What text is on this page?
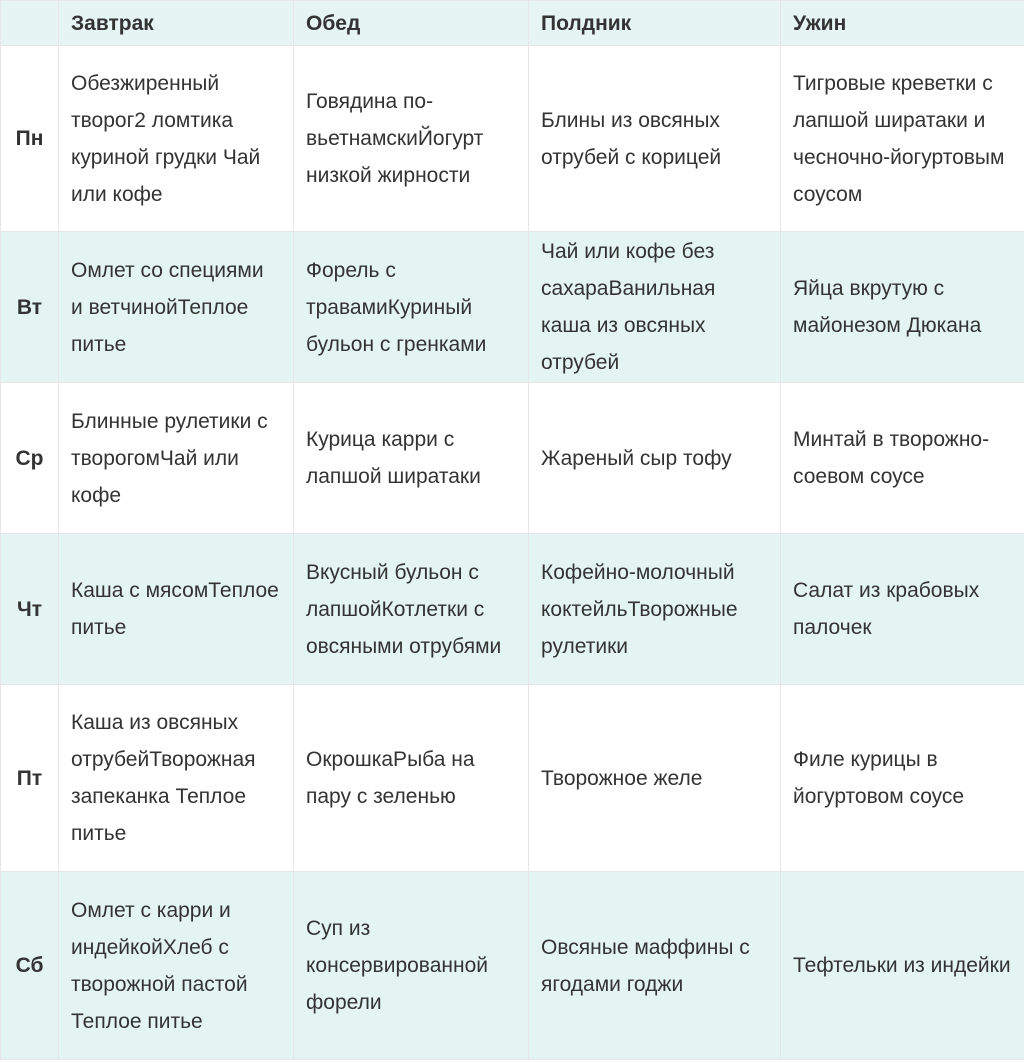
	Завтрак	Обед	Полдник	Ужин
Пн	Обезжиренный творог2 ломтика куриной грудки Чай или кофе	Говядина по-вьетнамскиЙогурт низкой жирности	Блины из овсяных отрубей с корицей	Тигровые креветки с лапшой ширатаки и чесночно-йогуртовым соусом
Вт	Омлет со специями и ветчинойТеплое питье	Форель с травамиКуриный бульон с гренками	Чай или кофе без сахараВанильная каша из овсяных отрубей	Яйца вкрутую с майонезом Дюкана
Ср	Блинные рулетики с творогомЧай или кофе	Курица карри с лапшой ширатаки	Жареный сыр тофу	Минтай в творожно- соевом соусе
Чт	Каша с мясомТеплое питье	Вкусный бульон с лапшойКотлетки с овсяными отрубями	Кофейно-молочный коктейльТворожные рулетики	Салат из крабовых палочек
Пт	Каша из овсяных отрубейТворожная запеканка Теплое питье	ОкрошкаРыба на пару с зеленью	Творожное желе	Филе курицы в йогуртовом соусе
Сб	Омлет с карри и индейкойХлеб с творожной пастой Теплое питье	Суп из консервированной форели	Овсяные маффины с ягодами годжи	Тефтельки из индейки
